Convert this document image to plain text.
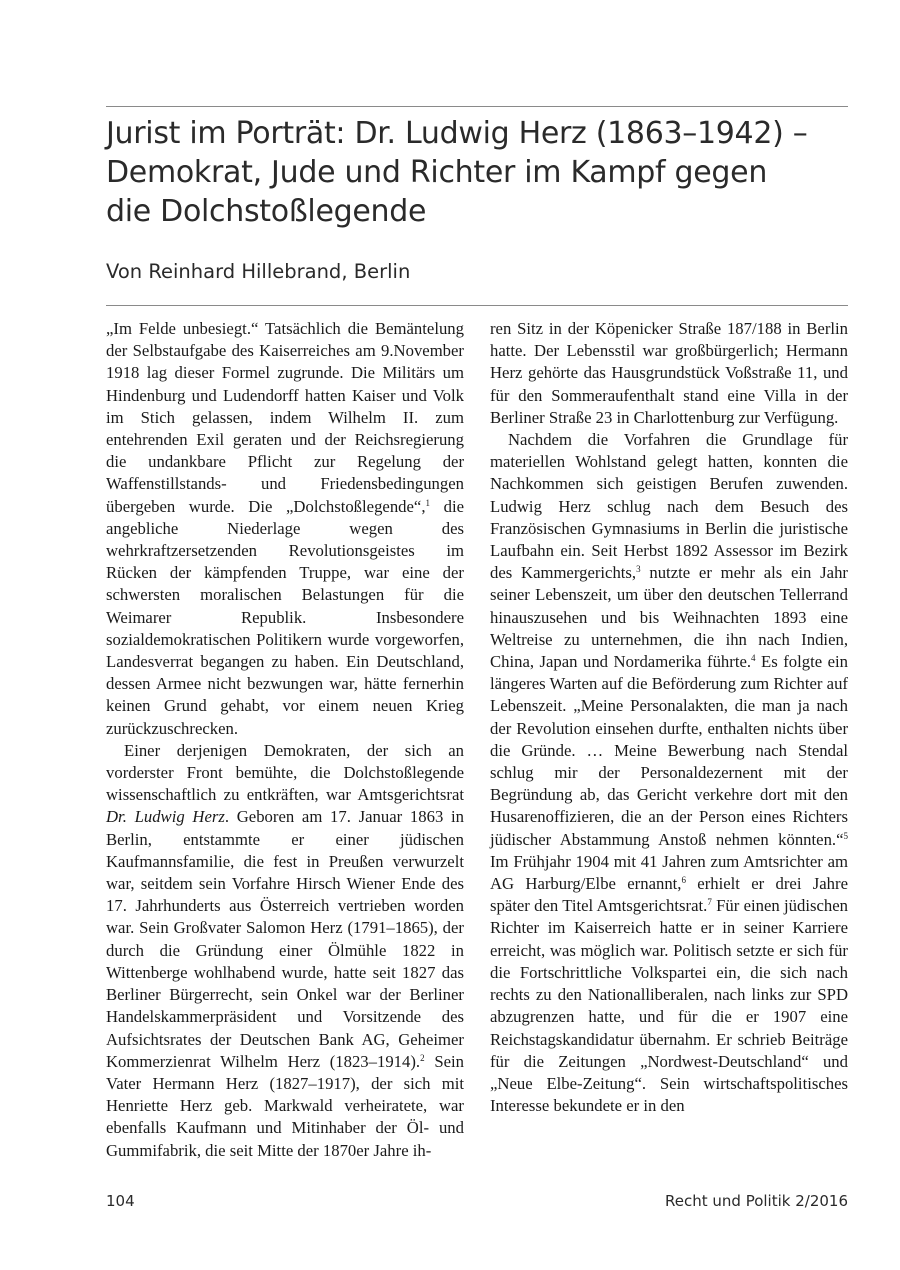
Jurist im Porträt: Dr. Ludwig Herz (1863–1942) –
Demokrat, Jude und Richter im Kampf gegen
die Dolchstoßlegende

Von Reinhard Hillebrand, Berlin

„Im Felde unbesiegt.“ Tatsächlich die Bemäntelung der Selbstaufgabe des Kaiserreiches am 9.November 1918 lag dieser Formel zugrunde. Die Militärs um Hindenburg und Ludendorff hatten Kaiser und Volk im Stich gelassen, indem Wilhelm II. zum entehrenden Exil geraten und der Reichsregierung die undankbare Pflicht zur Regelung der Waffenstillstands- und Friedensbedingungen übergeben wurde. Die „Dolchstoßlegende“,$^1$ die angebliche Niederlage wegen des wehrkraftzersetzenden Revolutionsgeistes im Rücken der kämpfenden Truppe, war eine der schwersten moralischen Belastungen für die Weimarer Republik. Insbesondere sozialdemokratischen Politikern wurde vorgeworfen, Landesverrat begangen zu haben. Ein Deutschland, dessen Armee nicht bezwungen war, hätte fernerhin keinen Grund gehabt, vor einem neuen Krieg zurückzuschrecken.

Einer derjenigen Demokraten, der sich an vorderster Front bemühte, die Dolchstoßlegende wissenschaftlich zu entkräften, war Amtsgerichtsrat Dr. Ludwig Herz. Geboren am 17. Januar 1863 in Berlin, entstammte er einer jüdischen Kaufmannsfamilie, die fest in Preußen verwurzelt war, seitdem sein Vorfahre Hirsch Wiener Ende des 17. Jahrhunderts aus Österreich vertrieben worden war. Sein Großvater Salomon Herz (1791–1865), der durch die Gründung einer Ölmühle 1822 in Wittenberge wohlhabend wurde, hatte seit 1827 das Berliner Bürgerrecht, sein Onkel war der Berliner Handelskammerpräsident und Vorsitzende des Aufsichtsrates der Deutschen Bank AG, Geheimer Kommerzienrat Wilhelm Herz (1823–1914).$^2$ Sein Vater Hermann Herz (1827–1917), der sich mit Henriette Herz geb. Markwald verheiratete, war ebenfalls Kaufmann und Mitinhaber der Öl- und Gummifabrik, die seit Mitte der 1870er Jahre ih-

ren Sitz in der Köpenicker Straße 187/188 in Berlin hatte. Der Lebensstil war großbürgerlich; Hermann Herz gehörte das Hausgrundstück Voßstraße 11, und für den Sommeraufenthalt stand eine Villa in der Berliner Straße 23 in Charlottenburg zur Verfügung.

Nachdem die Vorfahren die Grundlage für materiellen Wohlstand gelegt hatten, konnten die Nachkommen sich geistigen Berufen zuwenden. Ludwig Herz schlug nach dem Besuch des Französischen Gymnasiums in Berlin die juristische Laufbahn ein. Seit Herbst 1892 Assessor im Bezirk des Kammergerichts,$^3$ nutzte er mehr als ein Jahr seiner Lebenszeit, um über den deutschen Tellerrand hinauszusehen und bis Weihnachten 1893 eine Weltreise zu unternehmen, die ihn nach Indien, China, Japan und Nordamerika führte.$^4$ Es folgte ein längeres Warten auf die Beförderung zum Richter auf Lebenszeit. „Meine Personalakten, die man ja nach der Revolution einsehen durfte, enthalten nichts über die Gründe. … Meine Bewerbung nach Stendal schlug mir der Personaldezernent mit der Begründung ab, das Gericht verkehre dort mit den Husarenoffizieren, die an der Person eines Richters jüdischer Abstammung Anstoß nehmen könnten.“$^5$ Im Frühjahr 1904 mit 41 Jahren zum Amtsrichter am AG Harburg/Elbe ernannt,$^6$ erhielt er drei Jahre später den Titel Amtsgerichtsrat.$^7$ Für einen jüdischen Richter im Kaiserreich hatte er in seiner Karriere erreicht, was möglich war. Politisch setzte er sich für die Fortschrittliche Volkspartei ein, die sich nach rechts zu den Nationalliberalen, nach links zur SPD abzugrenzen hatte, und für die er 1907 eine Reichstagskandidatur übernahm. Er schrieb Beiträge für die Zeitungen „Nordwest-Deutschland“ und „Neue Elbe-Zeitung“. Sein wirtschaftspolitisches Interesse bekundete er in den

104	Recht und Politik 2/2016
